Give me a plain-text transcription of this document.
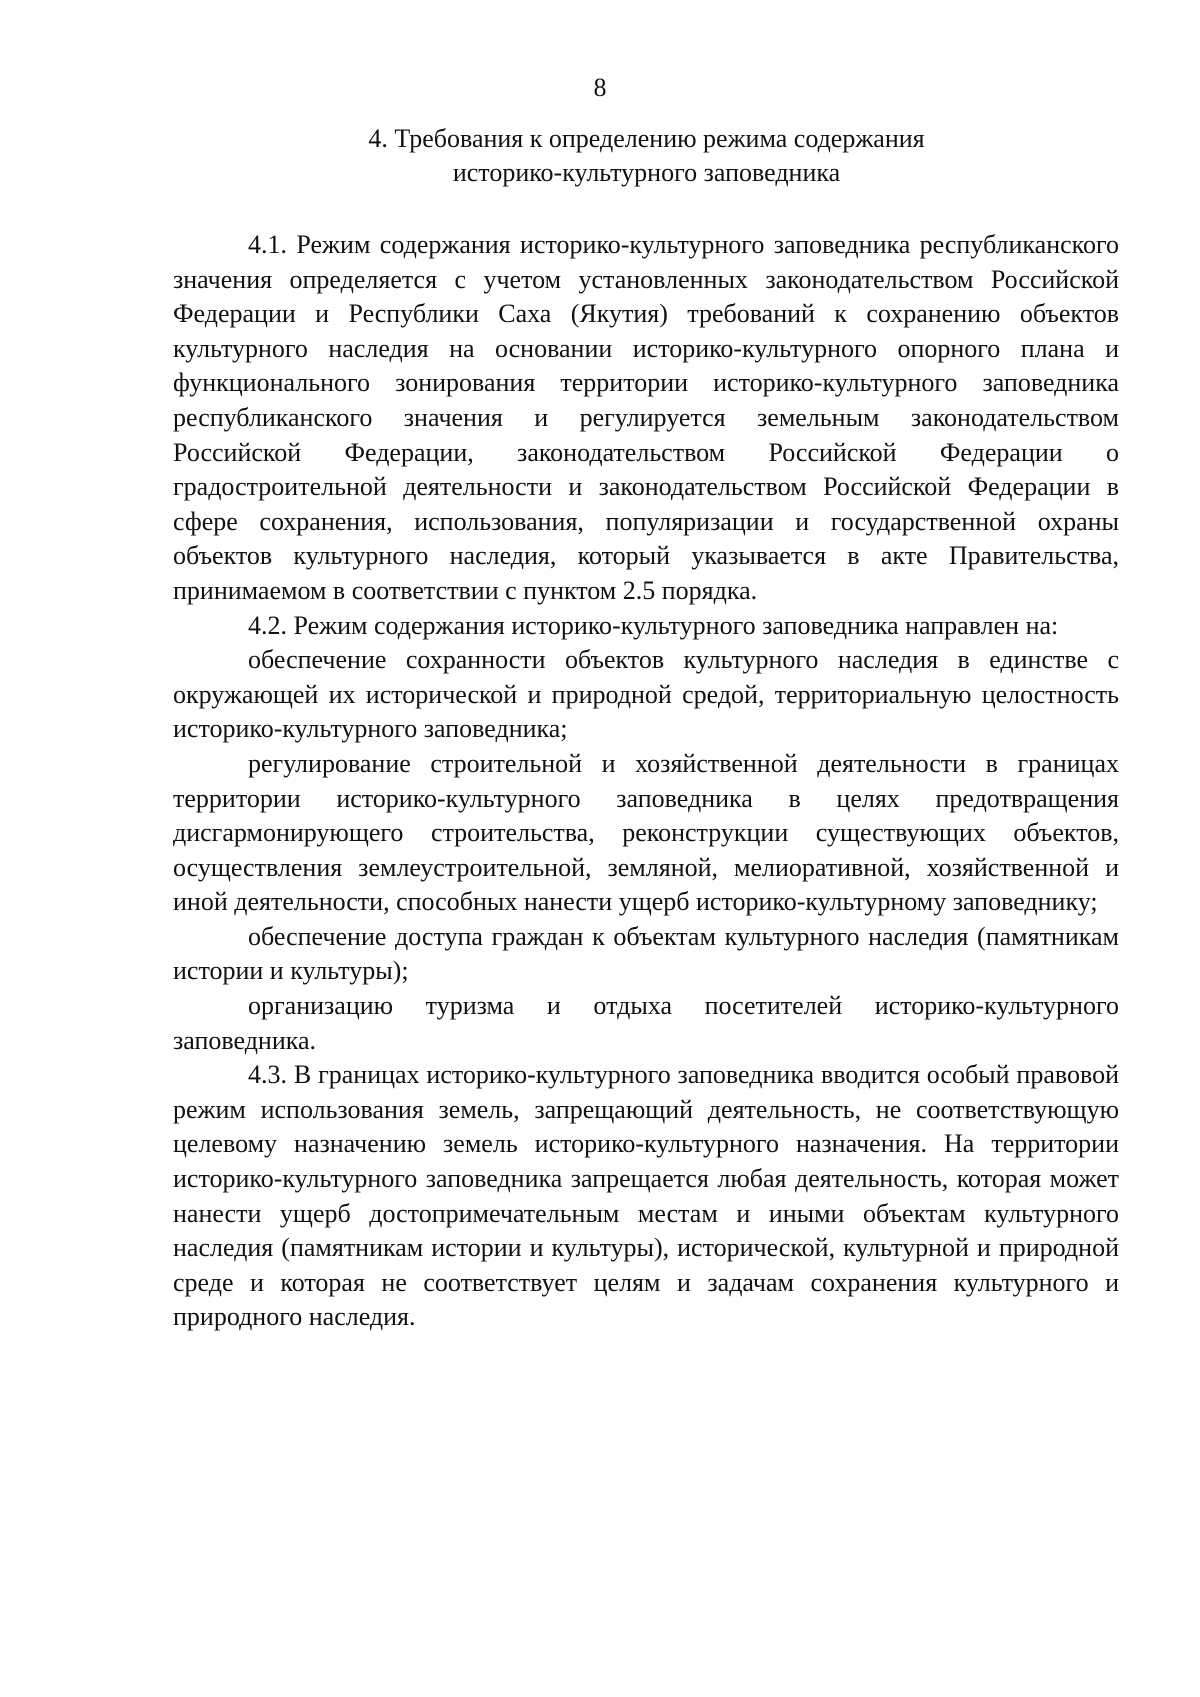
8
4. Требования к определению режима содержания
историко-культурного заповедника

4.1. Режим содержания историко-культурного заповедника республиканского значения определяется с учетом установленных законодательством Российской Федерации и Республики Саха (Якутия) требований к сохранению объектов культурного наследия на основании историко-культурного опорного плана и функционального зонирования территории историко-культурного заповедника республиканского значения и регулируется земельным законодательством Российской Федерации, законодательством Российской Федерации о градостроительной деятельности и законодательством Российской Федерации в сфере сохранения, использования, популяризации и государственной охраны объектов культурного наследия, который указывается в акте Правительства, принимаемом в соответствии с пунктом 2.5 порядка.

4.2. Режим содержания историко-культурного заповедника направлен на:

обеспечение сохранности объектов культурного наследия в единстве с окружающей их исторической и природной средой, территориальную целостность историко-культурного заповедника;

регулирование строительной и хозяйственной деятельности в границах территории историко-культурного заповедника в целях предотвращения дисгармонирующего строительства, реконструкции существующих объектов, осуществления землеустроительной, земляной, мелиоративной, хозяйственной и иной деятельности, способных нанести ущерб историко-культурному заповеднику;

обеспечение доступа граждан к объектам культурного наследия (памятникам истории и культуры);

организацию туризма и отдыха посетителей историко-культурного заповедника.

4.3. В границах историко-культурного заповедника вводится особый правовой режим использования земель, запрещающий деятельность, не соответствующую целевому назначению земель историко-культурного назначения. На территории историко-культурного заповедника запрещается любая деятельность, которая может нанести ущерб достопримечательным местам и иными объектам культурного наследия (памятникам истории и культуры), исторической, культурной и природной среде и которая не соответствует целям и задачам сохранения культурного и природного наследия.
